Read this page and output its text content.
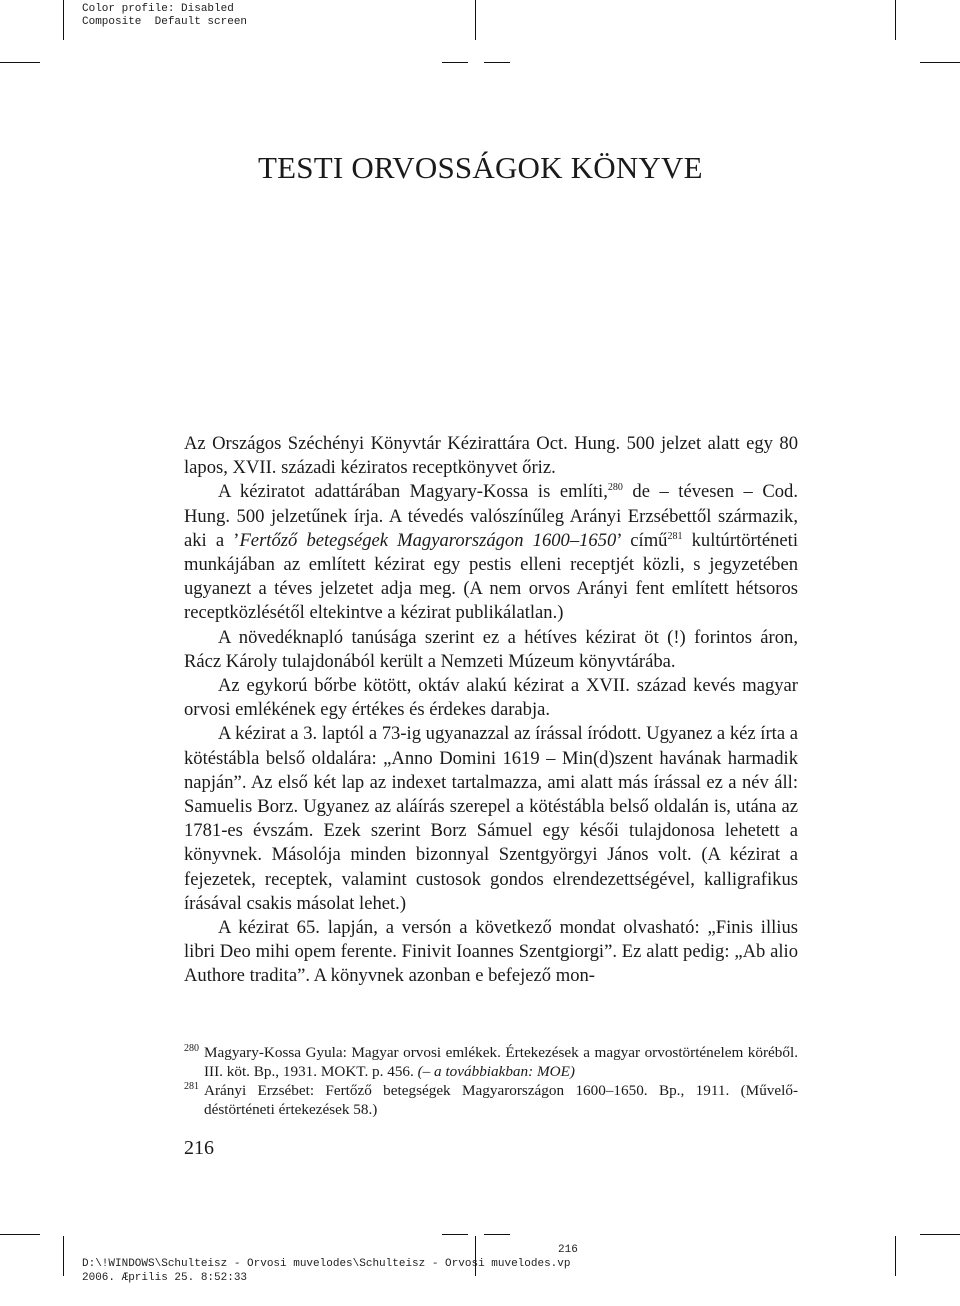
Color profile: Disabled
Composite  Default screen
TESTI ORVOSSÁGOK KÖNYVE

Az Országos Széchényi Könyvtár Kézirattára Oct. Hung. 500 jelzet alatt egy 80 lapos, XVII. századi kéziratos receptkönyvet őriz.

A kéziratot adattárában Magyary-Kossa is említi,$^{280}$ de – tévesen – Cod. Hung. 500 jelzetűnek írja. A tévedés valószínűleg Arányi Erzsébettől származik, aki a ’Fertőző betegségek Magyarországon 1600–1650’ című$^{281}$ kultúrtörténeti munkájában az említett kézirat egy pestis elleni receptjét közli, s jegyzetében ugyanezt a téves jelzetet adja meg. (A nem orvos Arányi fent említett hétsoros receptközlésétől eltekintve a kézirat publikálatlan.)

A növedéknapló tanúsága szerint ez a hétíves kézirat öt (!) forintos áron, Rácz Károly tulajdonából került a Nemzeti Múzeum könyvtárába.

Az egykorú bőrbe kötött, oktáv alakú kézirat a XVII. század kevés magyar orvosi emlékének egy értékes és érdekes darabja.

A kézirat a 3. laptól a 73-ig ugyanazzal az írással íródott. Ugyanez a kéz írta a kötéstábla belső oldalára: „Anno Domini 1619 – Min(d)szent havának harmadik napján”. Az első két lap az indexet tartalmazza, ami alatt más írással ez a név áll: Samuelis Borz. Ugyanez az aláírás szerepel a kötéstábla belső oldalán is, utána az 1781-es évszám. Ezek szerint Borz Sámuel egy késői tulajdonosa lehetett a könyvnek. Másolója minden bizonnyal Szentgyörgyi János volt. (A kézirat a fejezetek, receptek, valamint custosok gondos elrendezettségével, kalligrafikus írásával csakis másolat lehet.)

A kézirat 65. lapján, a versón a következő mondat olvasható: „Finis illius libri Deo mihi opem ferente. Finivit Ioannes Szentgiorgi”. Ez alatt pedig: „Ab alio Authore tradita”. A könyvnek azonban e befejező mon-

280 Magyary-Kossa Gyula: Magyar orvosi emlékek. Értekezések a magyar orvostörténelem köréből. III. köt. Bp., 1931. MOKT. p. 456. (– a továbbiakban: MOE)

281 Arányi Erzsébet: Fertőző betegségek Magyarországon 1600–1650. Bp., 1911. (Művelődéstörténeti értekezések 58.)

216
216
D:\!WINDOWS\Schulteisz - Orvosi muvelodes\Schulteisz - Orvosi muvelodes.vp
2006. Æprilis 25. 8:52:33
